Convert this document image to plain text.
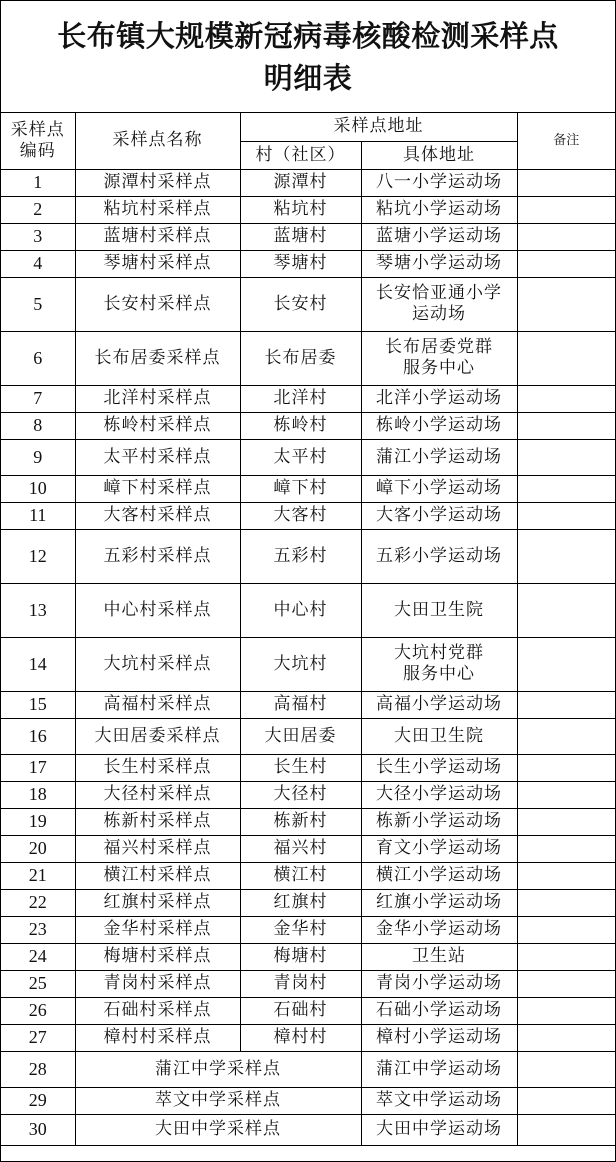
长布镇大规模新冠病毒核酸检测采样点
明细表
采样点
编码	采样点名称	采样点地址		备注
		村（社区）	具体地址	
1	源潭村采样点	源潭村	八一小学运动场	
2	粘坑村采样点	粘坑村	粘坑小学运动场	
3	蓝塘村采样点	蓝塘村	蓝塘小学运动场	
4	琴塘村采样点	琴塘村	琴塘小学运动场	
5	长安村采样点	长安村	长安恰亚通小学
运动场	

6	长布居委采样点	长布居委	长布居委党群
服务中心	

7	北洋村采样点	北洋村	北洋小学运动场	
8	栋岭村采样点	栋岭村	栋岭小学运动场	
9	太平村采样点	太平村	蒲江小学运动场	
10	嶂下村采样点	嶂下村	嶂下小学运动场	
11	大客村采样点	大客村	大客小学运动场	
12	五彩村采样点	五彩村	五彩小学运动场	
13	中心村采样点	中心村	大田卫生院	
14	大坑村采样点	大坑村	大坑村党群
服务中心	

15	高福村采样点	高福村	高福小学运动场	
16	大田居委采样点	大田居委	大田卫生院	
17	长生村采样点	长生村	长生小学运动场	
18	大径村采样点	大径村	大径小学运动场	
19	栋新村采样点	栋新村	栋新小学运动场	
20	福兴村采样点	福兴村	育文小学运动场	
21	横江村采样点	横江村	横江小学运动场	
22	红旗村采样点	红旗村	红旗小学运动场	
23	金华村采样点	金华村	金华小学运动场	
24	梅塘村采样点	梅塘村	卫生站	
25	青岗村采样点	青岗村	青岗小学运动场	
26	石础村采样点	石础村	石础小学运动场	
27	樟村村采样点	樟村村	樟村小学运动场	
28	蒲江中学采样点		蒲江中学运动场	
29	萃文中学采样点		萃文中学运动场	
30	大田中学采样点		大田中学运动场	
